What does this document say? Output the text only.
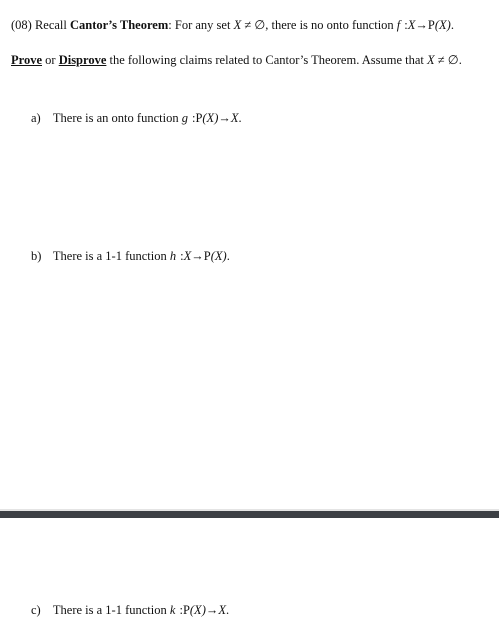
(08) Recall Cantor’s Theorem: For any set X ≠ ∅, there is no onto function f :X→P(X).
Prove or Disprove the following claims related to Cantor’s Theorem. Assume that X ≠ ∅.
a) There is an onto function g :P(X)→X.
b) There is a 1-1 function h :X→P(X).
c) There is a 1-1 function k :P(X)→X.
